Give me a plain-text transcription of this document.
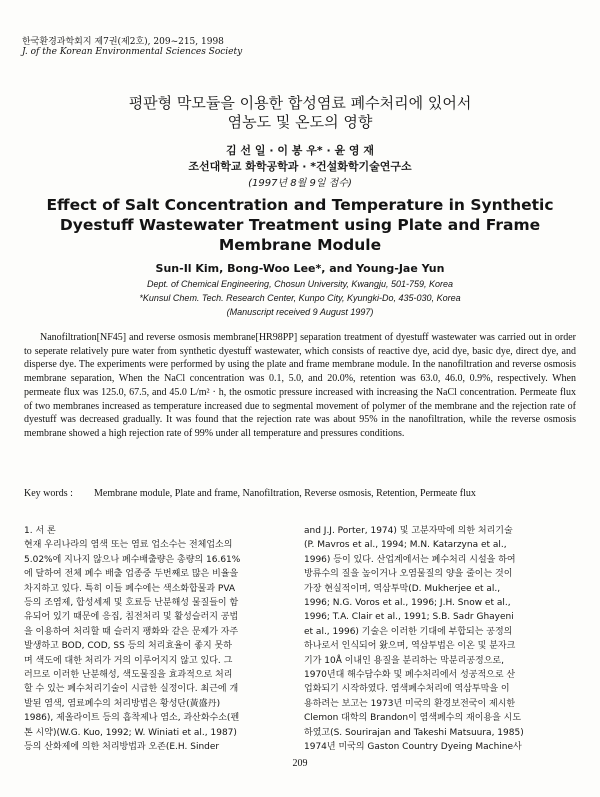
한국환경과학회지 제7권(제2호), 209~215, 1998
J. of the Korean Environmental Sciences Society
평판형 막모듈을 이용한 합성염료 폐수처리에 있어서
염농도 및 온도의 영향
김 선 일 · 이 봉 우* · 윤 영 재
조선대학교 화학공학과 · *건설화학기술연구소
(1997년 8월 9일 접수)
Effect of Salt Concentration and Temperature in Synthetic
Dyestuff Wastewater Treatment using Plate and Frame
Membrane Module
Sun-Il Kim, Bong-Woo Lee*, and Young-Jae Yun
Dept. of Chemical Engineering, Chosun University, Kwangju, 501-759, Korea
*Kunsul Chem. Tech. Research Center, Kunpo City, Kyungki-Do, 435-030, Korea
(Manuscript received 9 August 1997)
Nanofiltration[NF45] and reverse osmosis membrane[HR98PP] separation treatment of dyestuff wastewater was carried out in order to seperate relatively pure water from synthetic dyestuff wastewater, which consists of reactive dye, acid dye, basic dye, direct dye, and disperse dye. The experiments were performed by using the plate and frame membrane module. In the nanofiltration and reverse osmosis membrane separation, When the NaCl concentration was 0.1, 5.0, and 20.0%, retention was 63.0, 46.0, 0.9%, respectively. When permeate flux was 125.0, 67.5, and 45.0 L/m² · h, the osmotic pressure increased with increasing the NaCl concentration. Permeate flux of two membranes increased as temperature increased due to segmental movement of polymer of the membrane and the rejection rate of dyestuff was decreased gradually. It was found that the rejection rate was about 95% in the nanofiltration, while the reverse osmosis membrane showed a high rejection rate of 99% under all temperature and pressures conditions.
Key words : Membrane module, Plate and frame, Nanofiltration, Reverse osmosis, Retention, Permeate flux
1. 서 론
현재 우리나라의 염색 또는 염료 업소수는 전체업소의
5.02%에 지나지 않으나 폐수배출량은 총량의 16.61%
에 달하여 전체 폐수 배출 업종중 두번째로 많은 비율을
차지하고 있다. 특히 이들 폐수에는 색소화합물과 PVA
등의 조염제, 합성세제 및 호료등 난분해성 물질들이 함
유되어 있기 때문에 응집, 침전처리 및 활성슬러지 공법
을 이용하여 처리할 때 슬러지 팽화와 같은 문제가 자주
발생하고 BOD, COD, SS 등의 처리효율이 좋지 못하
며 색도에 대한 처리가 거의 이루어지지 않고 있다. 그
러므로 이러한 난분해성, 색도물질을 효과적으로 처리
할 수 있는 폐수처리기술이 시급한 실정이다. 최근에 개
발된 염색, 염료폐수의 처리방법은 황성단(黃盛丹)
1986), 제올라이트 등의 흡착제나 염소, 과산화수소(펜
톤 시약)(W.G. Kuo, 1992; W. Winiati et al., 1987)
등의 산화제에 의한 처리방법과 오존(E.H. Sinder
and J.J. Porter, 1974) 및 고분자막에 의한 처리기술
(P. Mavros et al., 1994; M.N. Katarzyna et al.,
1996) 등이 있다. 산업계에서는 폐수처리 시설을 하여
방류수의 질을 높이거나 오염물질의 양을 줄이는 것이
가장 현실적이며, 역삼투막(D. Mukherjee et al.,
1996; N.G. Voros et al., 1996; J.H. Snow et al.,
1996; T.A. Clair et al., 1991; S.B. Sadr Ghayeni
et al., 1996) 기술은 이러한 기대에 부합되는 공정의
하나로서 인식되어 왔으며, 역삼투법은 이온 및 분자크
기가 10Å 이내인 용질을 분리하는 막분리공정으로,
1970년대 해수담수화 및 폐수처리에서 성공적으로 산
업화되기 시작하였다. 염색폐수처리에 역삼투막을 이
용하려는 보고는 1973년 미국의 환경보전국이 제시한
Clemon 대학의 Brandon이 염색폐수의 재이용을 시도
하였고(S. Sourirajan and Takeshi Matsuura, 1985)
1974년 미국의 Gaston Country Dyeing Machine사
209
